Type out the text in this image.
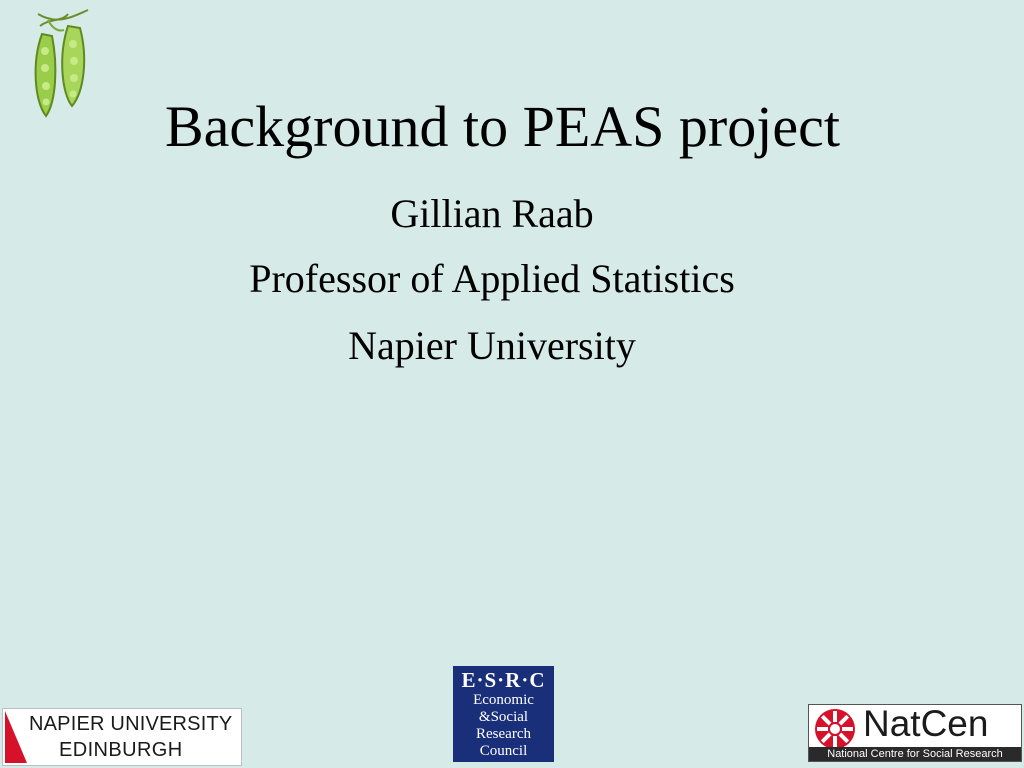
Background to PEAS project
Gillian Raab
Professor of Applied Statistics
Napier University
NAPIER UNIVERSITY
EDINBURGH
E·S·R·C
Economic
&Social
Research
Council
NatCen
National Centre for Social Research
